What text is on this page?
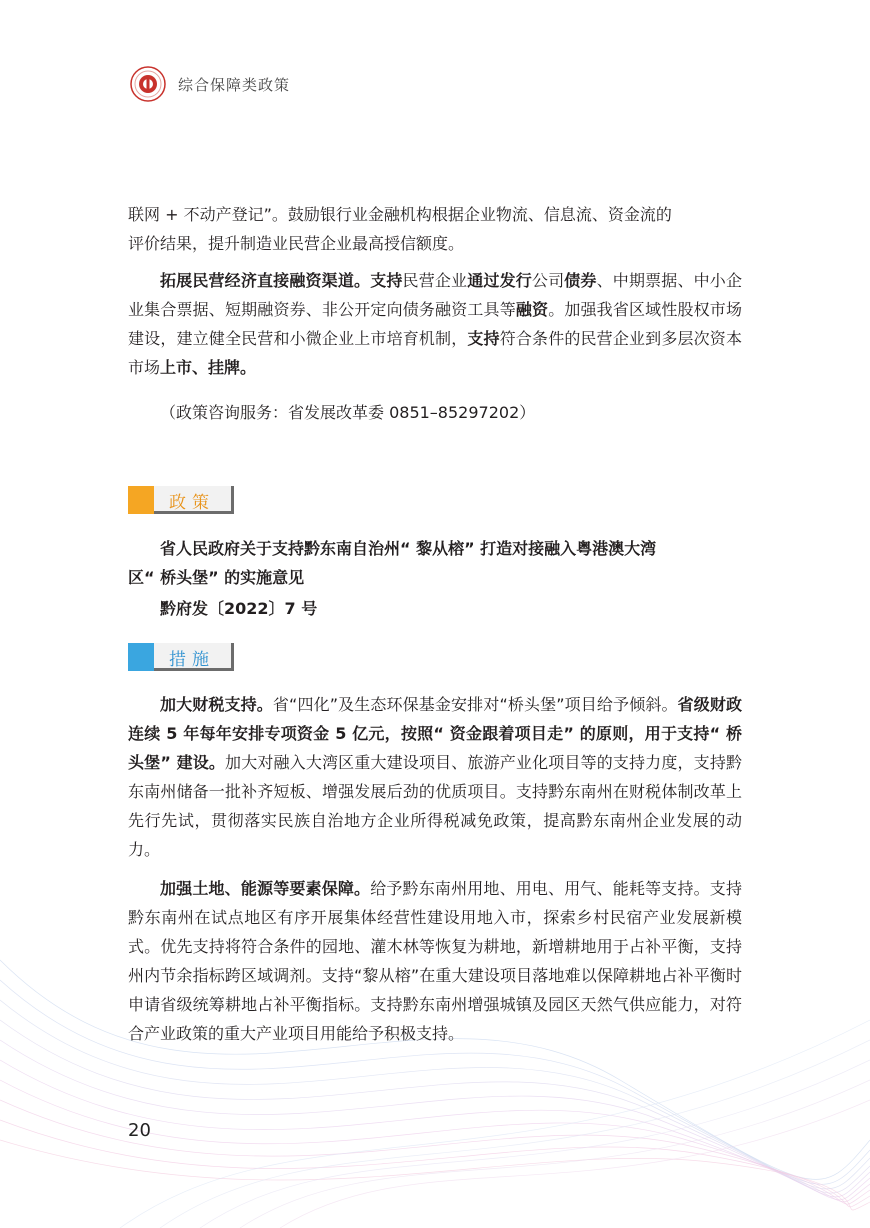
综合保障类政策

联网 + 不动产登记”。鼓励银行业金融机构根据企业物流、信息流、资金流的
评价结果，提升制造业民营企业最高授信额度。

拓展民营经济直接融资渠道。支持民营企业通过发行公司债券、中期票据、中小企业集合票据、短期融资券、非公开定向债务融资工具等融资。加强我省区域性股权市场建设，建立健全民营和小微企业上市培育机制，支持符合条件的民营企业到多层次资本市场上市、挂牌。

（政策咨询服务：省发展改革委 0851–85297202）

政策

省人民政府关于支持黔东南自治州“ 黎从榕” 打造对接融入粤港澳大湾

区“ 桥头堡” 的实施意见

黔府发〔2022〕7 号

措施

加大财税支持。省“四化”及生态环保基金安排对“桥头堡”项目给予倾斜。省级财政连续 5 年每年安排专项资金 5 亿元，按照“ 资金跟着项目走” 的原则，用于支持“ 桥头堡” 建设。加大对融入大湾区重大建设项目、旅游产业化项目等的支持力度，支持黔东南州储备一批补齐短板、增强发展后劲的优质项目。支持黔东南州在财税体制改革上先行先试，贯彻落实民族自治地方企业所得税减免政策，提高黔东南州企业发展的动力。

加强土地、能源等要素保障。给予黔东南州用地、用电、用气、能耗等支持。支持黔东南州在试点地区有序开展集体经营性建设用地入市，探索乡村民宿产业发展新模式。优先支持将符合条件的园地、灌木林等恢复为耕地，新增耕地用于占补平衡，支持州内节余指标跨区域调剂。支持“黎从榕”在重大建设项目落地难以保障耕地占补平衡时申请省级统筹耕地占补平衡指标。支持黔东南州增强城镇及园区天然气供应能力，对符合产业政策的重大产业项目用能给予积极支持。

20
